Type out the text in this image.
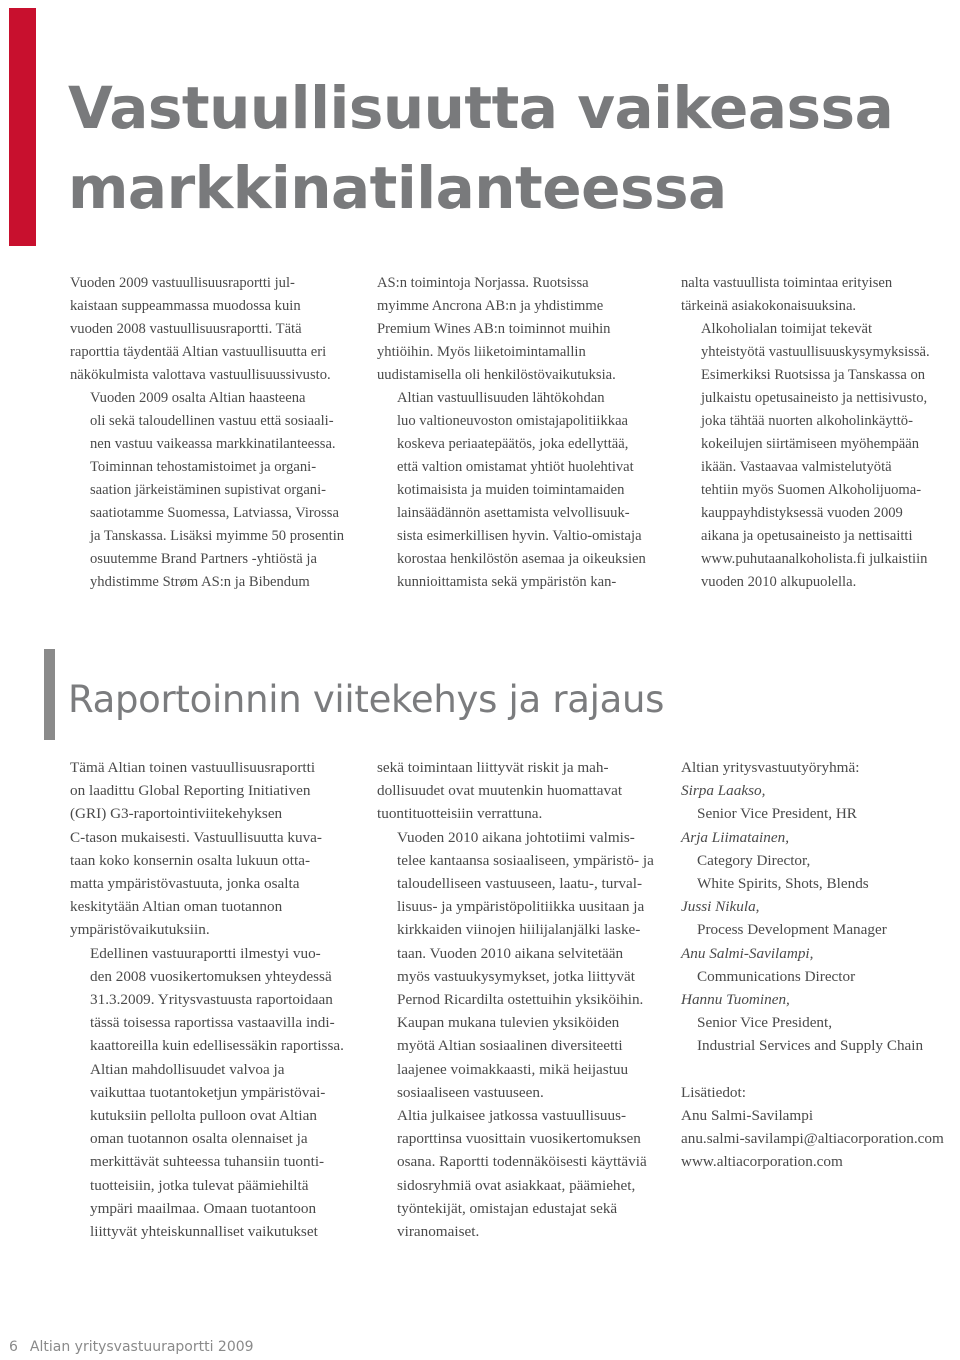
Vastuullisuutta vaikeassa
markkinatilanteessa

Vuoden 2009 vastuullisuusraportti jul-
kaistaan suppeammassa muodossa kuin
vuoden 2008 vastuullisuusraportti. Tätä
raporttia täydentää Altian vastuullisuutta eri
näkökulmista valottava vastuullisuussivusto.

Vuoden 2009 osalta Altian haasteena
oli sekä taloudellinen vastuu että sosiaali-
nen vastuu vaikeassa markkinatilanteessa.
Toiminnan tehostamistoimet ja organi-
saation järkeistäminen supistivat organi-
saatiotamme Suomessa, Latviassa, Virossa
ja Tanskassa. Lisäksi myimme 50 prosentin
osuutemme Brand Partners -yhtiöstä ja
yhdistimme Strøm AS:n ja Bibendum

AS:n toimintoja Norjassa. Ruotsissa
myimme Ancrona AB:n ja yhdistimme
Premium Wines AB:n toiminnot muihin
yhtiöihin. Myös liiketoimintamallin
uudistamisella oli henkilöstövaikutuksia.

Altian vastuullisuuden lähtökohdan
luo valtioneuvoston omistajapolitiikkaa
koskeva periaatepäätös, joka edellyttää,
että valtion omistamat yhtiöt huolehtivat
kotimaisista ja muiden toimintamaiden
lainsäädännön asettamista velvollisuuk-
sista esimerkillisen hyvin. Valtio-omistaja
korostaa henkilöstön asemaa ja oikeuksien
kunnioittamista sekä ympäristön kan-

nalta vastuullista toimintaa erityisen
tärkeinä asiakokonaisuuksina.

Alkoholialan toimijat tekevät
yhteistyötä vastuullisuuskysymyksissä.
Esimerkiksi Ruotsissa ja Tanskassa on
julkaistu opetusaineisto ja nettisivusto,
joka tähtää nuorten alkoholinkäyttö-
kokeilujen siirtämiseen myöhempään
ikään. Vastaavaa valmistelutyötä
tehtiin myös Suomen Alkoholijuoma-
kauppayhdistyksessä vuoden 2009
aikana ja opetusaineisto ja nettisaitti
www.puhutaanalkoholista.fi julkaistiin
vuoden 2010 alkupuolella.

Raportoinnin viitekehys ja rajaus

Tämä Altian toinen vastuullisuusraportti
on laadittu Global Reporting Initiativen
(GRI) G3-raportointiviitekehyksen
C-tason mukaisesti. Vastuullisuutta kuva-
taan koko konsernin osalta lukuun otta-
matta ympäristövastuuta, jonka osalta
keskitytään Altian oman tuotannon
ympäristövaikutuksiin.

Edellinen vastuuraportti ilmestyi vuo-
den 2008 vuosikertomuksen yhteydessä
31.3.2009. Yritysvastuusta raportoidaan
tässä toisessa raportissa vastaavilla indi-
kaattoreilla kuin edellisessäkin raportissa.

Altian mahdollisuudet valvoa ja
vaikuttaa tuotantoketjun ympäristövai-
kutuksiin pellolta pulloon ovat Altian
oman tuotannon osalta olennaiset ja
merkittävät suhteessa tuhansiin tuonti-
tuotteisiin, jotka tulevat päämiehiltä
ympäri maailmaa. Omaan tuotantoon
liittyvät yhteiskunnalliset vaikutukset

sekä toimintaan liittyvät riskit ja mah-
dollisuudet ovat muutenkin huomattavat
tuontituotteisiin verrattuna.

Vuoden 2010 aikana johtotiimi valmis-
telee kantaansa sosiaaliseen, ympäristö- ja
taloudelliseen vastuuseen, laatu-, turval-
lisuus- ja ympäristöpolitiikka uusitaan ja
kirkkaiden viinojen hiilijalanjälki laske-
taan. Vuoden 2010 aikana selvitetään
myös vastuukysymykset, jotka liittyvät
Pernod Ricardilta ostettuihin yksiköihin.
Kaupan mukana tulevien yksiköiden
myötä Altian sosiaalinen diversiteetti
laajenee voimakkaasti, mikä heijastuu
sosiaaliseen vastuuseen.

Altia julkaisee jatkossa vastuullisuus-
raporttinsa vuosittain vuosikertomuksen
osana. Raportti todennäköisesti käyttäviä
sidosryhmiä ovat asiakkaat, päämiehet,
työntekijät, omistajan edustajat sekä
viranomaiset.

Altian yritysvastuutyöryhmä:
Sirpa Laakso,
Senior Vice President, HR
Arja Liimatainen,
Category Director,
White Spirits, Shots, Blends
Jussi Nikula,
Process Development Manager
Anu Salmi-Savilampi,
Communications Director
Hannu Tuominen,
Senior Vice President,
Industrial Services and Supply Chain
Lisätiedot:
Anu Salmi-Savilampi
anu.salmi-savilampi@altiacorporation.com
www.altiacorporation.com

6 Altian yritysvastuuraportti 2009
